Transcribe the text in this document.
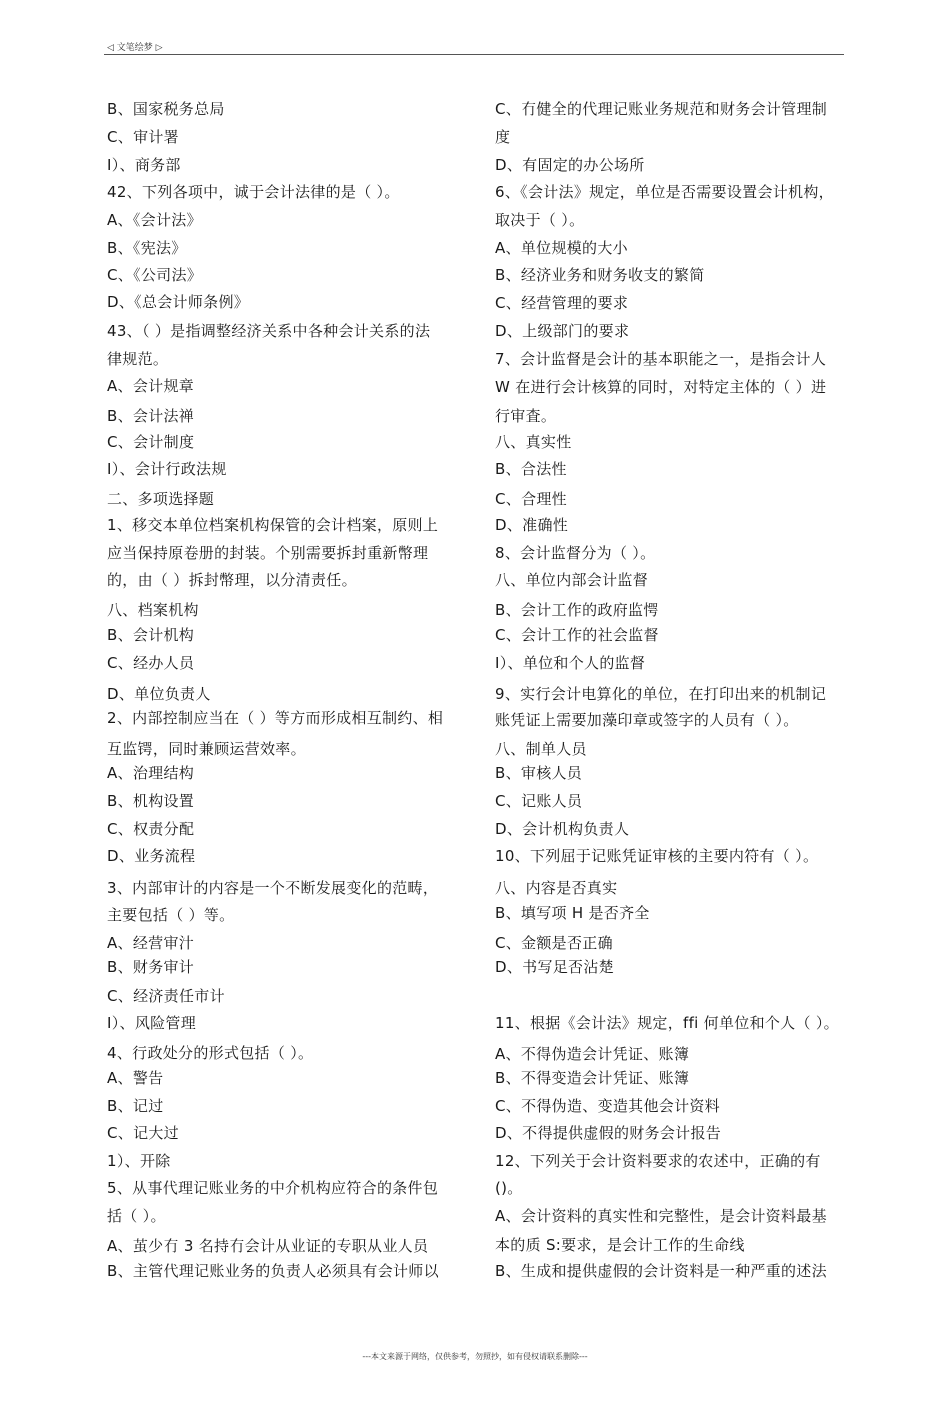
◁ 文笔绘梦 ▷
B、国家税务总局
C、审计署
I）、商务部
42、下列各项中，诚于会计法律的是（ ）。
A、《会计法》
B、《宪法》
C、《公司法》
D、《总会计师条例》
43、（ ）是指调整经济关系中各种会计关系的法
律规范。
A、会计规章
B、会计法禅
C、会计制度
I）、会计行政法规
二、多项选择题
1、移交本单位档案机构保管的会计档案，原则上
应当保持原卷册的封装。个别需要拆封重新幣理
的，由（ ）拆封幣理，以分清责任。
八、档案机构
B、会计机构
C、经办人员
D、单位负责人
2、内部控制应当在（ ）等方而形成相互制约、相
互监锷，同时兼顾运营效率。
A、治理结构
B、机构设置
C、权责分配
D、业务流程
3、内部审计的内容是一个不断发展变化的范畴，
主要包括（ ）等。
A、经营审汁
B、财务审计
C、经济责任市计
I）、风险管理
4、行政处分的形式包括（ ）。
A、警告
B、记过
C、记大过
1）、开除
5、从事代理记账业务的中介机构应符合的条件包
括（ ）。
A、茧少冇 3 名持冇会计从业证的专职从业人员
B、主管代理记账业务的负责人必须具有会计师以
C、冇健全的代理记账业务规范和财务会计管理制
度
D、有固定的办公场所
6、《会计法》规定，单位是否需要设置会计机构，
取决于（ ）。
A、单位规模的大小
B、经济业务和财务收支的繁简
C、经营管理的要求
D、上级部门的要求
7、会计监督是会计的基本职能之一，是指会计人
W 在进行会计核算的同时，对特定主体的（ ）进
行审査。
八、真实性
B、合法性
C、合理性
D、准确性
8、会计监督分为（ ）。
八、单位内部会计监督
B、会计工作的政府监愕
C、会计工作的社会监督
I）、单位和个人的监督
9、实行会计电算化的单位，在打印出来的机制记
账凭证上需要加藻印章或签字的人员有（ ）。
八、制单人员
B、审核人员
C、记账人员
D、会计机构负责人
10、下列屈于记账凭证审核的主要内符有（ ）。
八、内容是否真实
B、填写项 H 是否齐全
C、金额是否正确
D、书写足否沾楚
11、根据《会计法》规定，ffi 何单位和个人（ ）。
A、不得伪造会计凭证、账簿
B、不得变造会计凭证、账簿
C、不得伪造、变造其他会计资料
D、不得提供虚假的财务会计报告
12、下列关于会计资料要求的农述中，正确的有
()。
A、会计资料的真实性和完整性，是会计资料最基
本的质 S:要求，是会计工作的生命线
B、生成和提供虚假的会计资料是一种严重的述法
---本文来源于网络，仅供参考，勿照抄，如有侵权请联系删除---
